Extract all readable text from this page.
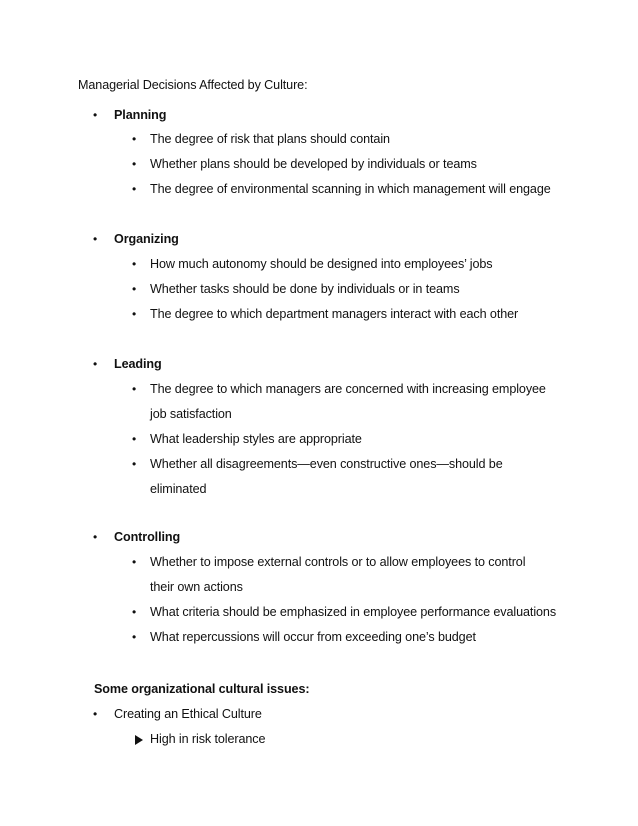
Managerial Decisions Affected by Culture:
• Planning
• The degree of risk that plans should contain
• Whether plans should be developed by individuals or teams
• The degree of environmental scanning in which management will engage
• Organizing
• How much autonomy should be designed into employees’ jobs
• Whether tasks should be done by individuals or in teams
• The degree to which department managers interact with each other
• Leading
• The degree to which managers are concerned with increasing employee
job satisfaction
• What leadership styles are appropriate
• Whether all disagreements—even constructive ones—should be
eliminated
• Controlling
• Whether to impose external controls or to allow employees to control
their own actions
• What criteria should be emphasized in employee performance evaluations
• What repercussions will occur from exceeding one’s budget
Some organizational cultural issues:
• Creating an Ethical Culture
High in risk tolerance
